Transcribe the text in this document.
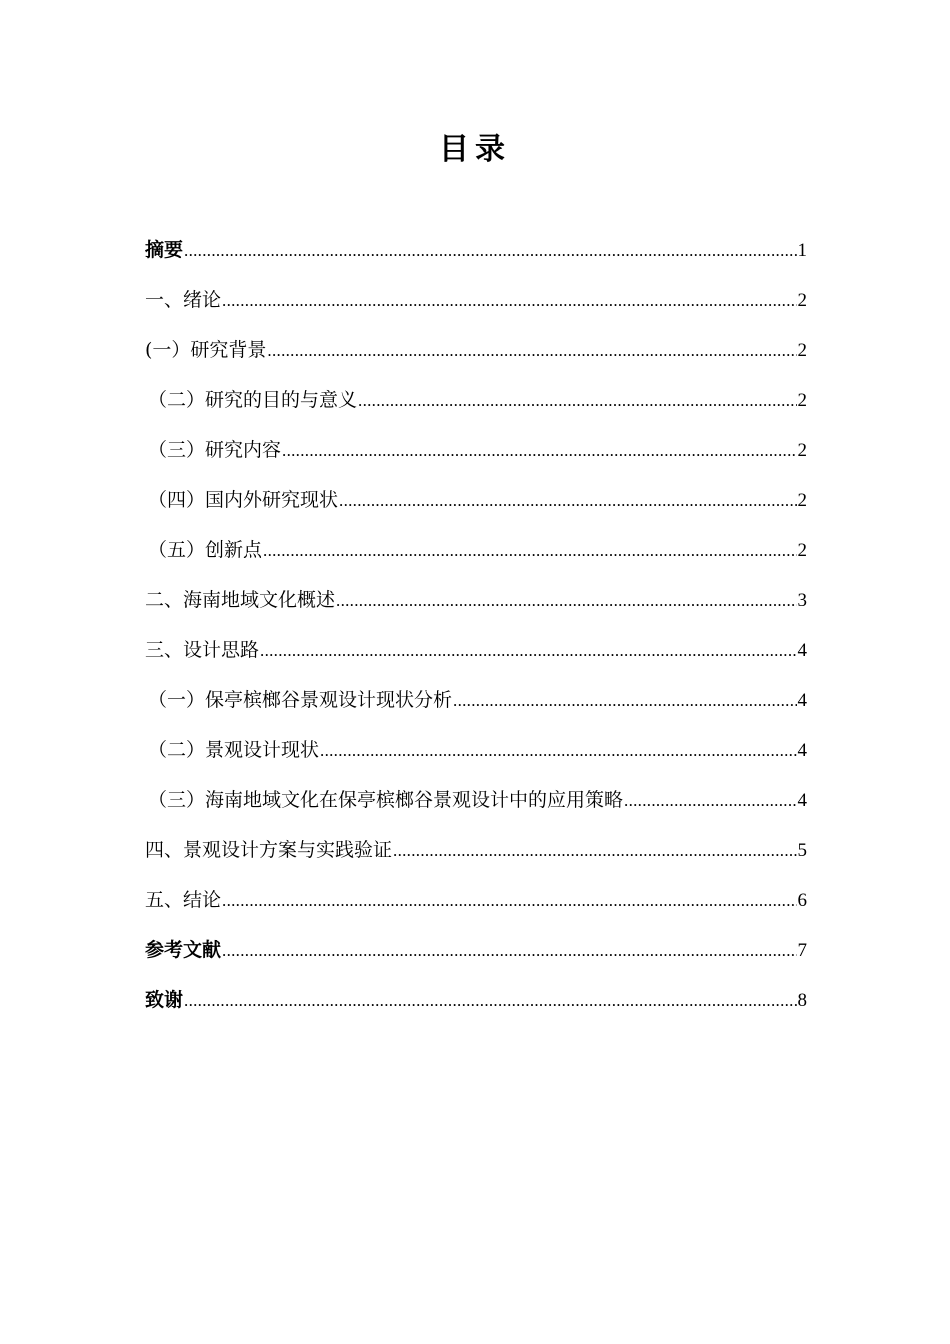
目录
摘要 .....	1
一、绪论 .....	2
(一）研究背景 .....	2
（二）研究的目的与意义 .....	2
（三）研究内容 .....	2
（四）国内外研究现状 .....	2
（五）创新点 .....	2
二、海南地域文化概述 .....	3
三、设计思路 .....	4
（一）保亭槟榔谷景观设计现状分析 .....	4
（二）景观设计现状 .....	4
（三）海南地域文化在保亭槟榔谷景观设计中的应用策略 .....	4
四、景观设计方案与实践验证 .....	5
五、结论 .....	6
参考文献 .....	7
致谢 .....	8
